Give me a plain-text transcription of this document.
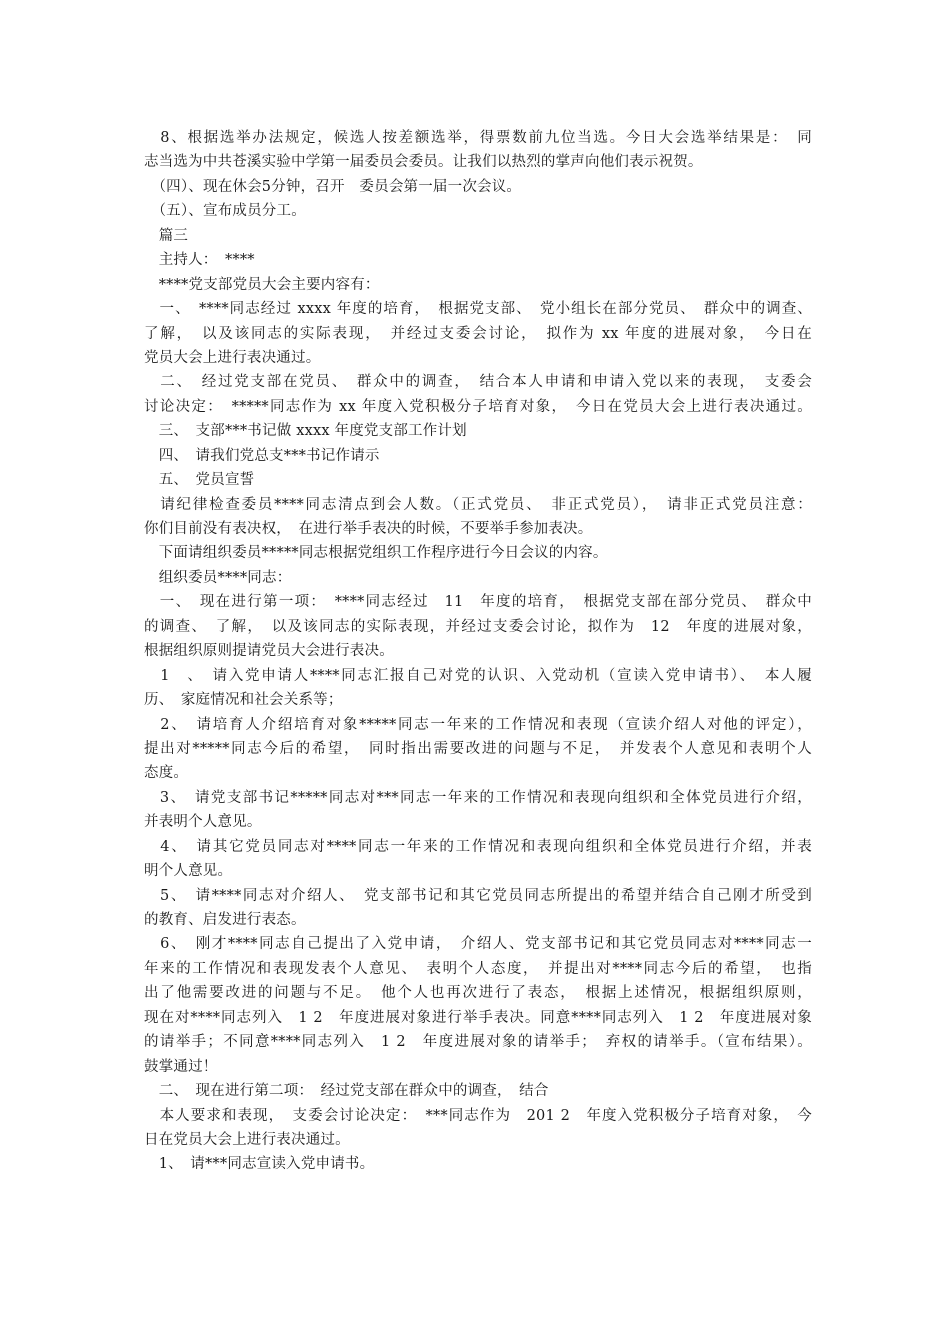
　8、根据选举办法规定，候选人按差额选举，得票数前九位当选。今日大会选举结果是：　同
志当选为中共苍溪实验中学第一届委员会委员。让我们以热烈的掌声向他们表示祝贺。
　（四）、现在休会5分钟，召开　委员会第一届一次会议。
　（五）、宣布成员分工。
　篇三
　主持人：　****
　****党支部党员大会主要内容有：
　一、　****同志经过 xxxx 年度的培育，　根据党支部、　党小组长在部分党员、　群众中的调查、
了解，　以及该同志的实际表现，　并经过支委会讨论，　拟作为 xx 年度的进展对象，　今日在
党员大会上进行表决通过。
　二、　经过党支部在党员、　群众中的调查，　结合本人申请和申请入党以来的表现，　支委会
讨论决定：　*****同志作为 xx 年度入党积极分子培育对象，　今日在党员大会上进行表决通过。
　三、　支部***书记做 xxxx 年度党支部工作计划
　四、　请我们党总支***书记作请示
　五、　党员宣誓
　请纪律检查委员****同志清点到会人数。（正式党员、　非正式党员），　请非正式党员注意：
你们目前没有表决权，　在进行举手表决的时候，不要举手参加表决。
　下面请组织委员*****同志根据党组织工作程序进行今日会议的内容。
　组织委员****同志：
　一、　现在进行第一项：　****同志经过　11　年度的培育，　根据党支部在部分党员、　群众中
的调查、　了解，　以及该同志的实际表现，并经过支委会讨论，拟作为　12　年度的进展对象，
根据组织原则提请党员大会进行表决。
　1　、　请入党申请人****同志汇报自己对党的认识、入党动机（宣读入党申请书）、　本人履
历、　家庭情况和社会关系等；
　2、　请培育人介绍培育对象*****同志一年来的工作情况和表现（宣读介绍人对他的评定），
提出对*****同志今后的希望，　同时指出需要改进的问题与不足，　并发表个人意见和表明个人
态度。
　3、　请党支部书记*****同志对***同志一年来的工作情况和表现向组织和全体党员进行介绍，
并表明个人意见。
　4、　请其它党员同志对****同志一年来的工作情况和表现向组织和全体党员进行介绍，并表
明个人意见。
　5、　请****同志对介绍人、　党支部书记和其它党员同志所提出的希望并结合自己刚才所受到
的教育、启发进行表态。
　6、　刚才****同志自己提出了入党申请，　介绍人、党支部书记和其它党员同志对****同志一
年来的工作情况和表现发表个人意见、　表明个人态度，　并提出对****同志今后的希望，　也指
出了他需要改进的问题与不足。　他个人也再次进行了表态，　根据上述情况，根据组织原则，
现在对****同志列入　1 2　年度进展对象进行举手表决。同意****同志列入　1 2　年度进展对象
的请举手；不同意****同志列入　1 2　年度进展对象的请举手；　弃权的请举手。（宣布结果）。
鼓掌通过！
　二、　现在进行第二项：　经过党支部在群众中的调查，　结合
　本人要求和表现，　支委会讨论决定：　***同志作为　201 2　年度入党积极分子培育对象，　今
日在党员大会上进行表决通过。
　1、　请***同志宣读入党申请书。
